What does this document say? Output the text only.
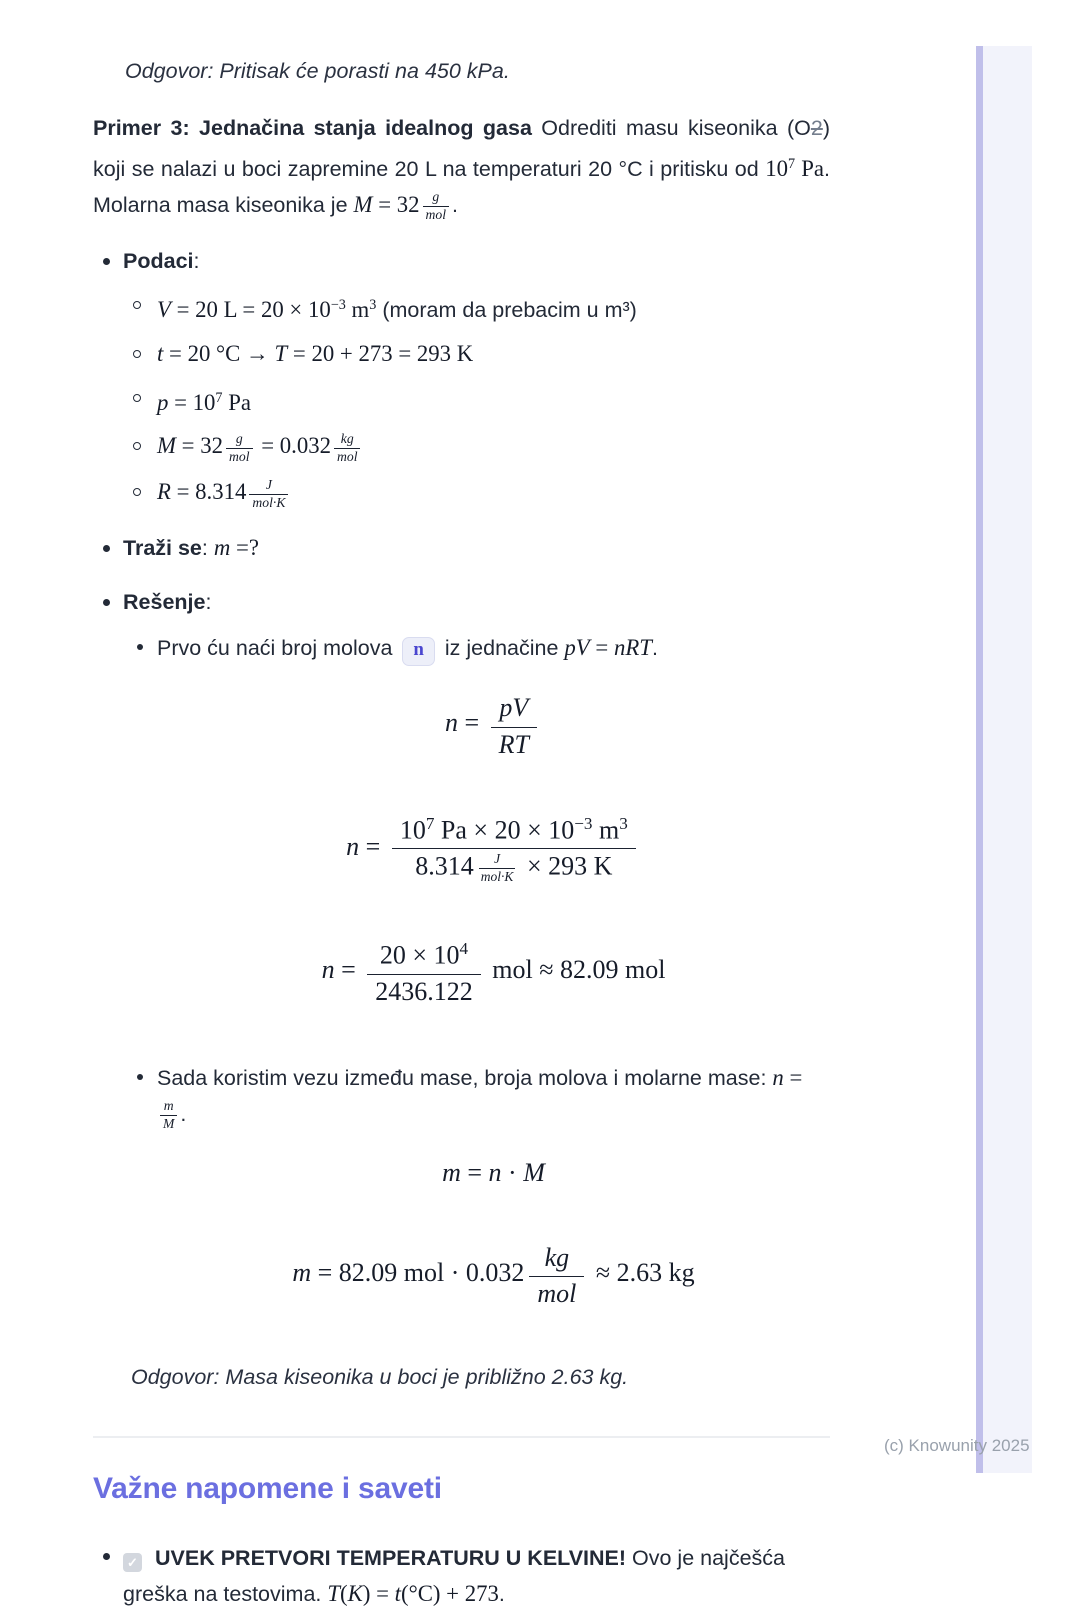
Odgovor: Pritisak će porasti na 450 kPa.

Primer 3: Jednačina stanja idealnog gasa Odrediti masu kiseonika (O2) koji se nalazi u boci zapremine 20 L na temperaturi 20 °C i pritisku od $10^7$ Pa. Molarna masa kiseonika je $M = 32 \frac{g}{\text{mol}}$ .

Podaci:
V = 20 $L = 20 \times 10^{-3}$ $m^3$ (moram da prebacim u m³)
t = 20 °C → T = 20 + 273 = 293 K
$p = 10^7$ Pa
$M = 32 \frac{g}{\text{mol}} = 0.032 \frac{kg}{\text{mol}}$
$R = 8.314 \frac{J}{\text{mol·K}}$
Traži se: m =?
Rešenje:
Prvo ću naći broj molova n iz jednačine pV = nRT.
$n = \frac{pV}{RT}$
$n = \frac{10^7 Pa \times 20 \times 10^{-3} m^3}{8.314 \frac{J}{\text{mol·K}} \times 293 K}$
$n = \frac{20 \times 10^4}{2436.122}$ mol ≈ 82.09 mol
Sada koristim vezu između mase, broja molova i molarne mase: n =
$\frac{m}{M}$ .
m = n · M
m = 82.09 mol · $0.032 \frac{kg}{\text{mol}} \approx 2.63$ kg
Odgovor: Masa kiseonika u boci je približno 2.63 kg.
Važne napomene i saveti
✓ UVEK PRETVORI TEMPERATURU U KELVINE! Ovo je najčešća greška na testovima. T(K) = t(°C) + 273.
(c) Knowunity 2025
